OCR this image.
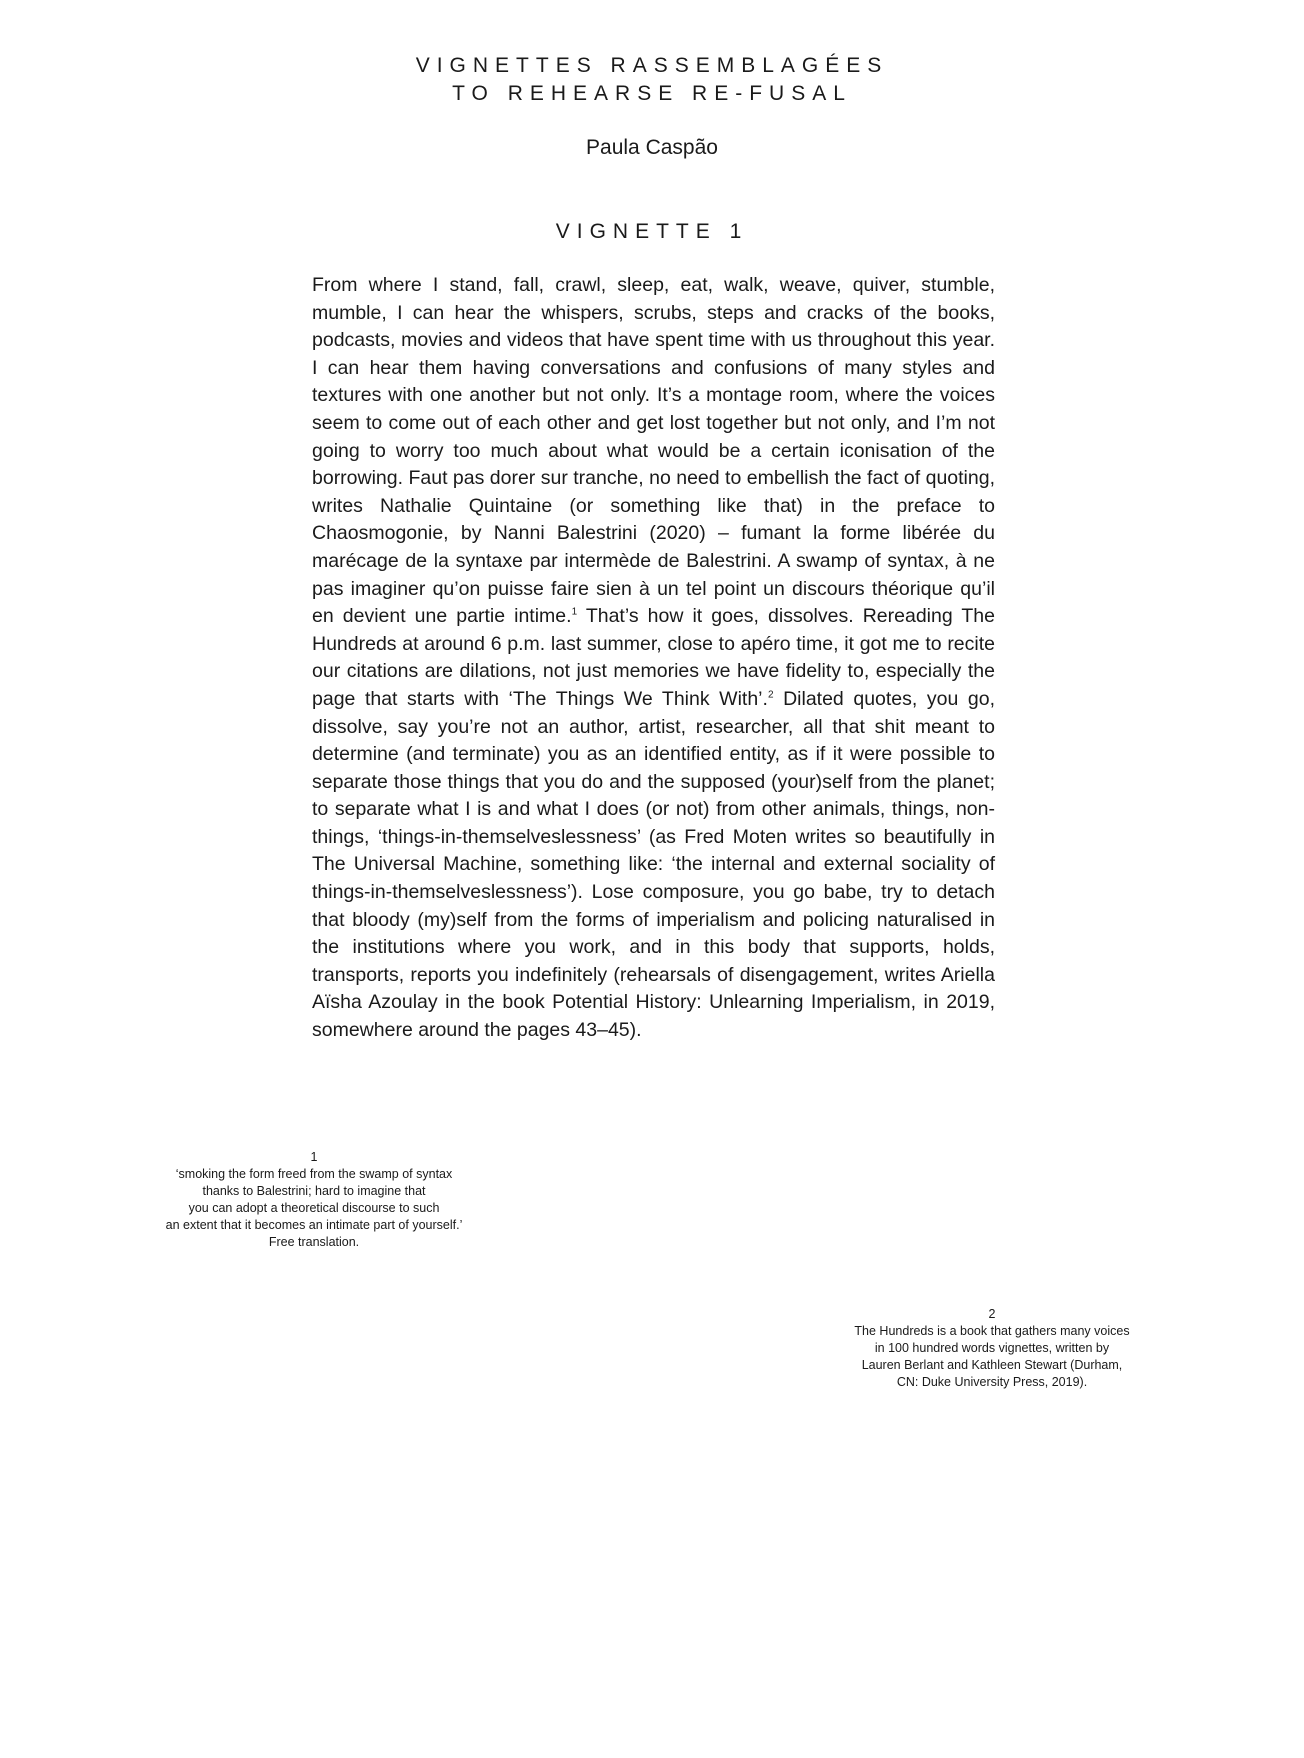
VIGNETTES RASSEMBLAGÉES
TO REHEARSE RE-FUSAL

Paula Caspão

VIGNETTE 1

From where I stand, fall, crawl, sleep, eat, walk, weave, quiver, stumble, mumble, I can hear the whispers, scrubs, steps and cracks of the books, podcasts, movies and videos that have spent time with us throughout this year. I can hear them having conversations and confusions of many styles and textures with one another but not only. It’s a montage room, where the voices seem to come out of each other and get lost together but not only, and I’m not going to worry too much about what would be a certain iconisation of the borrowing. Faut pas dorer sur tranche, no need to embellish the fact of quoting, writes Nathalie Quintaine (or something like that) in the preface to Chaosmogonie, by Nanni Balestrini (2020) – fumant la forme libérée du marécage de la syntaxe par intermède de Balestrini. A swamp of syntax, à ne pas imaginer qu’on puisse faire sien à un tel point un discours théorique qu’il en devient une partie intime.$^1$ That’s how it goes, dissolves. Rereading The Hundreds at around 6 p.m. last summer, close to apéro time, it got me to recite our citations are dilations, not just memories we have fidelity to, especially the page that starts with ‘The Things We Think With’.$^2$ Dilated quotes, you go, dissolve, say you’re not an author, artist, researcher, all that shit meant to determine (and terminate) you as an identified entity, as if it were possible to separate those things that you do and the supposed (your)self from the planet; to separate what I is and what I does (or not) from other animals, things, non-things, ‘things-in-themselveslessness’ (as Fred Moten writes so beautifully in The Universal Machine, something like: ‘the internal and external sociality of things-in-themselveslessness’). Lose composure, you go babe, try to detach that bloody (my)self from the forms of imperialism and policing naturalised in the institutions where you work, and in this body that supports, holds, transports, reports you indefinitely (rehearsals of disengagement, writes Ariella Aïsha Azoulay in the book Potential History: Unlearning Imperialism, in 2019, somewhere around the pages 43–45).

1
‘smoking the form freed from the swamp of syntax
thanks to Balestrini; hard to imagine that
you can adopt a theoretical discourse to such
an extent that it becomes an intimate part of yourself.’
Free translation.
2
The Hundreds is a book that gathers many voices
in 100 hundred words vignettes, written by
Lauren Berlant and Kathleen Stewart (Durham,
CN: Duke University Press, 2019).
